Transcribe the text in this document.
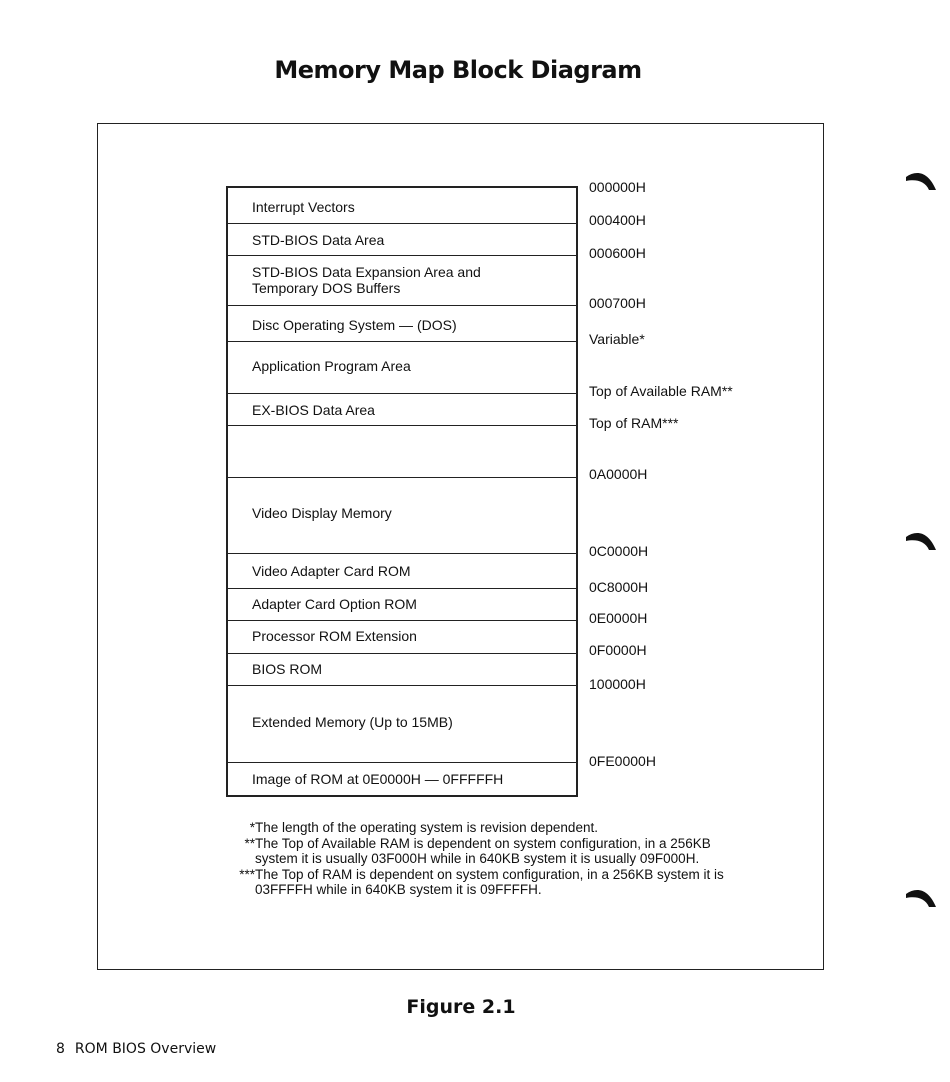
Memory Map Block Diagram
Interrupt Vectors
STD-BIOS Data Area
STD-BIOS Data Expansion Area and
Temporary DOS Buffers
Disc Operating System — (DOS)
Application Program Area
EX-BIOS Data Area
Video Display Memory
Video Adapter Card ROM
Adapter Card Option ROM
Processor ROM Extension
BIOS ROM
Extended Memory (Up to 15MB)
Image of ROM at 0E0000H — 0FFFFFH
000000H
000400H
000600H
000700H
Variable*
Top of Available RAM**
Top of RAM***
0A0000H
0C0000H
0C8000H
0E0000H
0F0000H
100000H
0FE0000H

* The length of the operating system is revision dependent.

** The Top of Available RAM is dependent on system configuration, in a 256KB system it is usually 03F000H while in 640KB system it is usually 09F000H.

*** The Top of RAM is dependent on system configuration, in a 256KB system it is 03FFFFH while in 640KB system it is 09FFFFH.

Figure 2.1
8 ROM BIOS Overview
